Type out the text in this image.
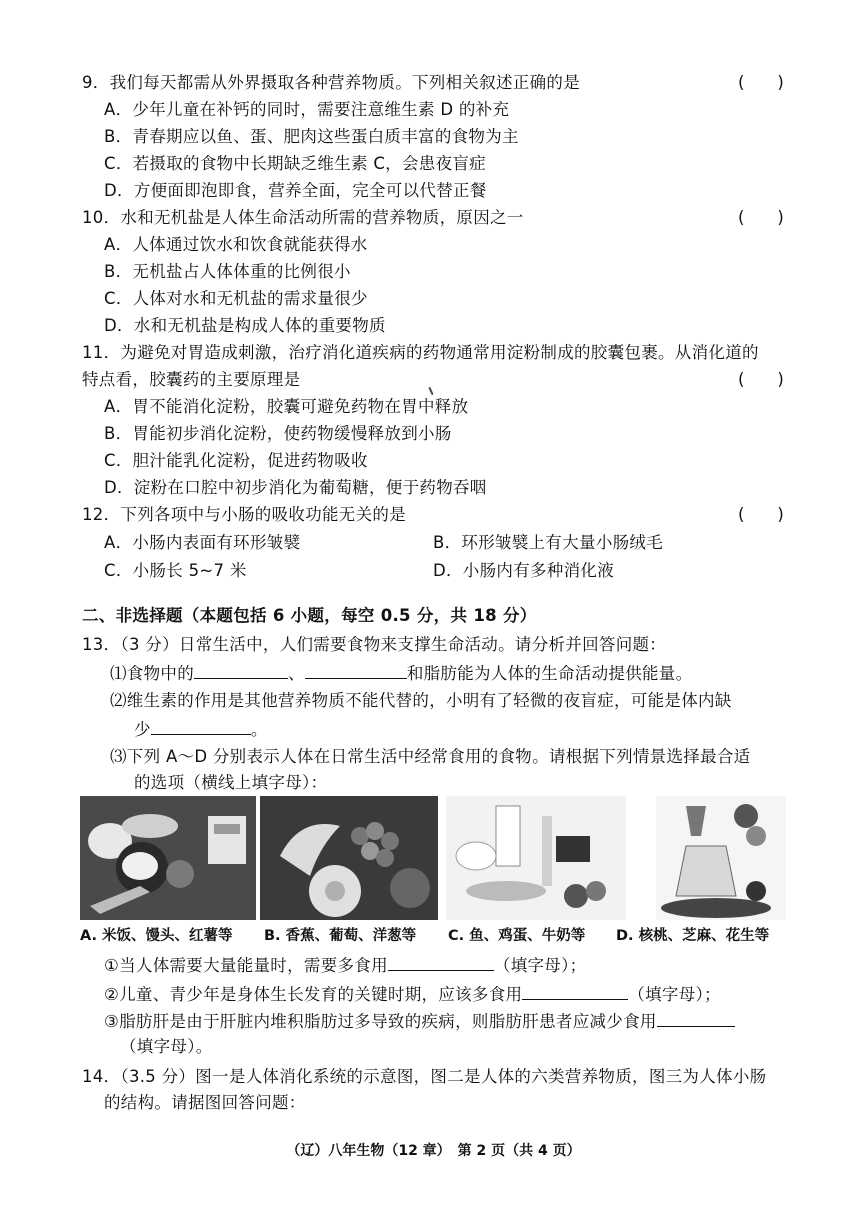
9．我们每天都需从外界摄取各种营养物质。下列相关叙述正确的是	(　　)
A．少年儿童在补钙的同时，需要注意维生素 D 的补充
B．青春期应以鱼、蛋、肥肉这些蛋白质丰富的食物为主
C．若摄取的食物中长期缺乏维生素 C，会患夜盲症
D．方便面即泡即食，营养全面，完全可以代替正餐
10．水和无机盐是人体生命活动所需的营养物质，原因之一	(　　)
A．人体通过饮水和饮食就能获得水
B．无机盐占人体体重的比例很小
C．人体对水和无机盐的需求量很少
D．水和无机盐是构成人体的重要物质
11．为避免对胃造成刺激，治疗消化道疾病的药物通常用淀粉制成的胶囊包裹。从消化道的
特点看，胶囊药的主要原理是	(　　)
A．胃不能消化淀粉，胶囊可避免药物在胃中释放
B．胃能初步消化淀粉，使药物缓慢释放到小肠
C．胆汁能乳化淀粉，促进药物吸收
D．淀粉在口腔中初步消化为葡萄糖，便于药物吞咽
12．下列各项中与小肠的吸收功能无关的是	(　　)
A．小肠内表面有环形皱襞	B．环形皱襞上有大量小肠绒毛
C．小肠长 5~7 米	D．小肠内有多种消化液
二、非选择题（本题包括 6 小题，每空 0.5 分，共 18 分）
13．（3 分）日常生活中，人们需要食物来支撑生命活动。请分析并回答问题：
⑴食物中的	、	和脂肪能为人体的生命活动提供能量。
⑵维生素的作用是其他营养物质不能代替的，小明有了轻微的夜盲症，可能是体内缺
少	。
⑶下列 A～D 分别表示人体在日常生活中经常食用的食物。请根据下列情景选择最合适
的选项（横线上填字母）：
A. 米饭、馒头、红薯等 B. 香蕉、葡萄、洋葱等 C. 鱼、鸡蛋、牛奶等 D. 核桃、芝麻、花生等
①当人体需要大量能量时，需要多食用	（填字母）；
②儿童、青少年是身体生长发育的关键时期，应该多食用	（填字母）；
③脂肪肝是由于肝脏内堆积脂肪过多导致的疾病，则脂肪肝患者应减少食用
（填字母）。
14．（3.5 分）图一是人体消化系统的示意图，图二是人体的六类营养物质，图三为人体小肠
的结构。请据图回答问题：
（辽）八年生物（12 章）　第 2 页（共 4 页）
